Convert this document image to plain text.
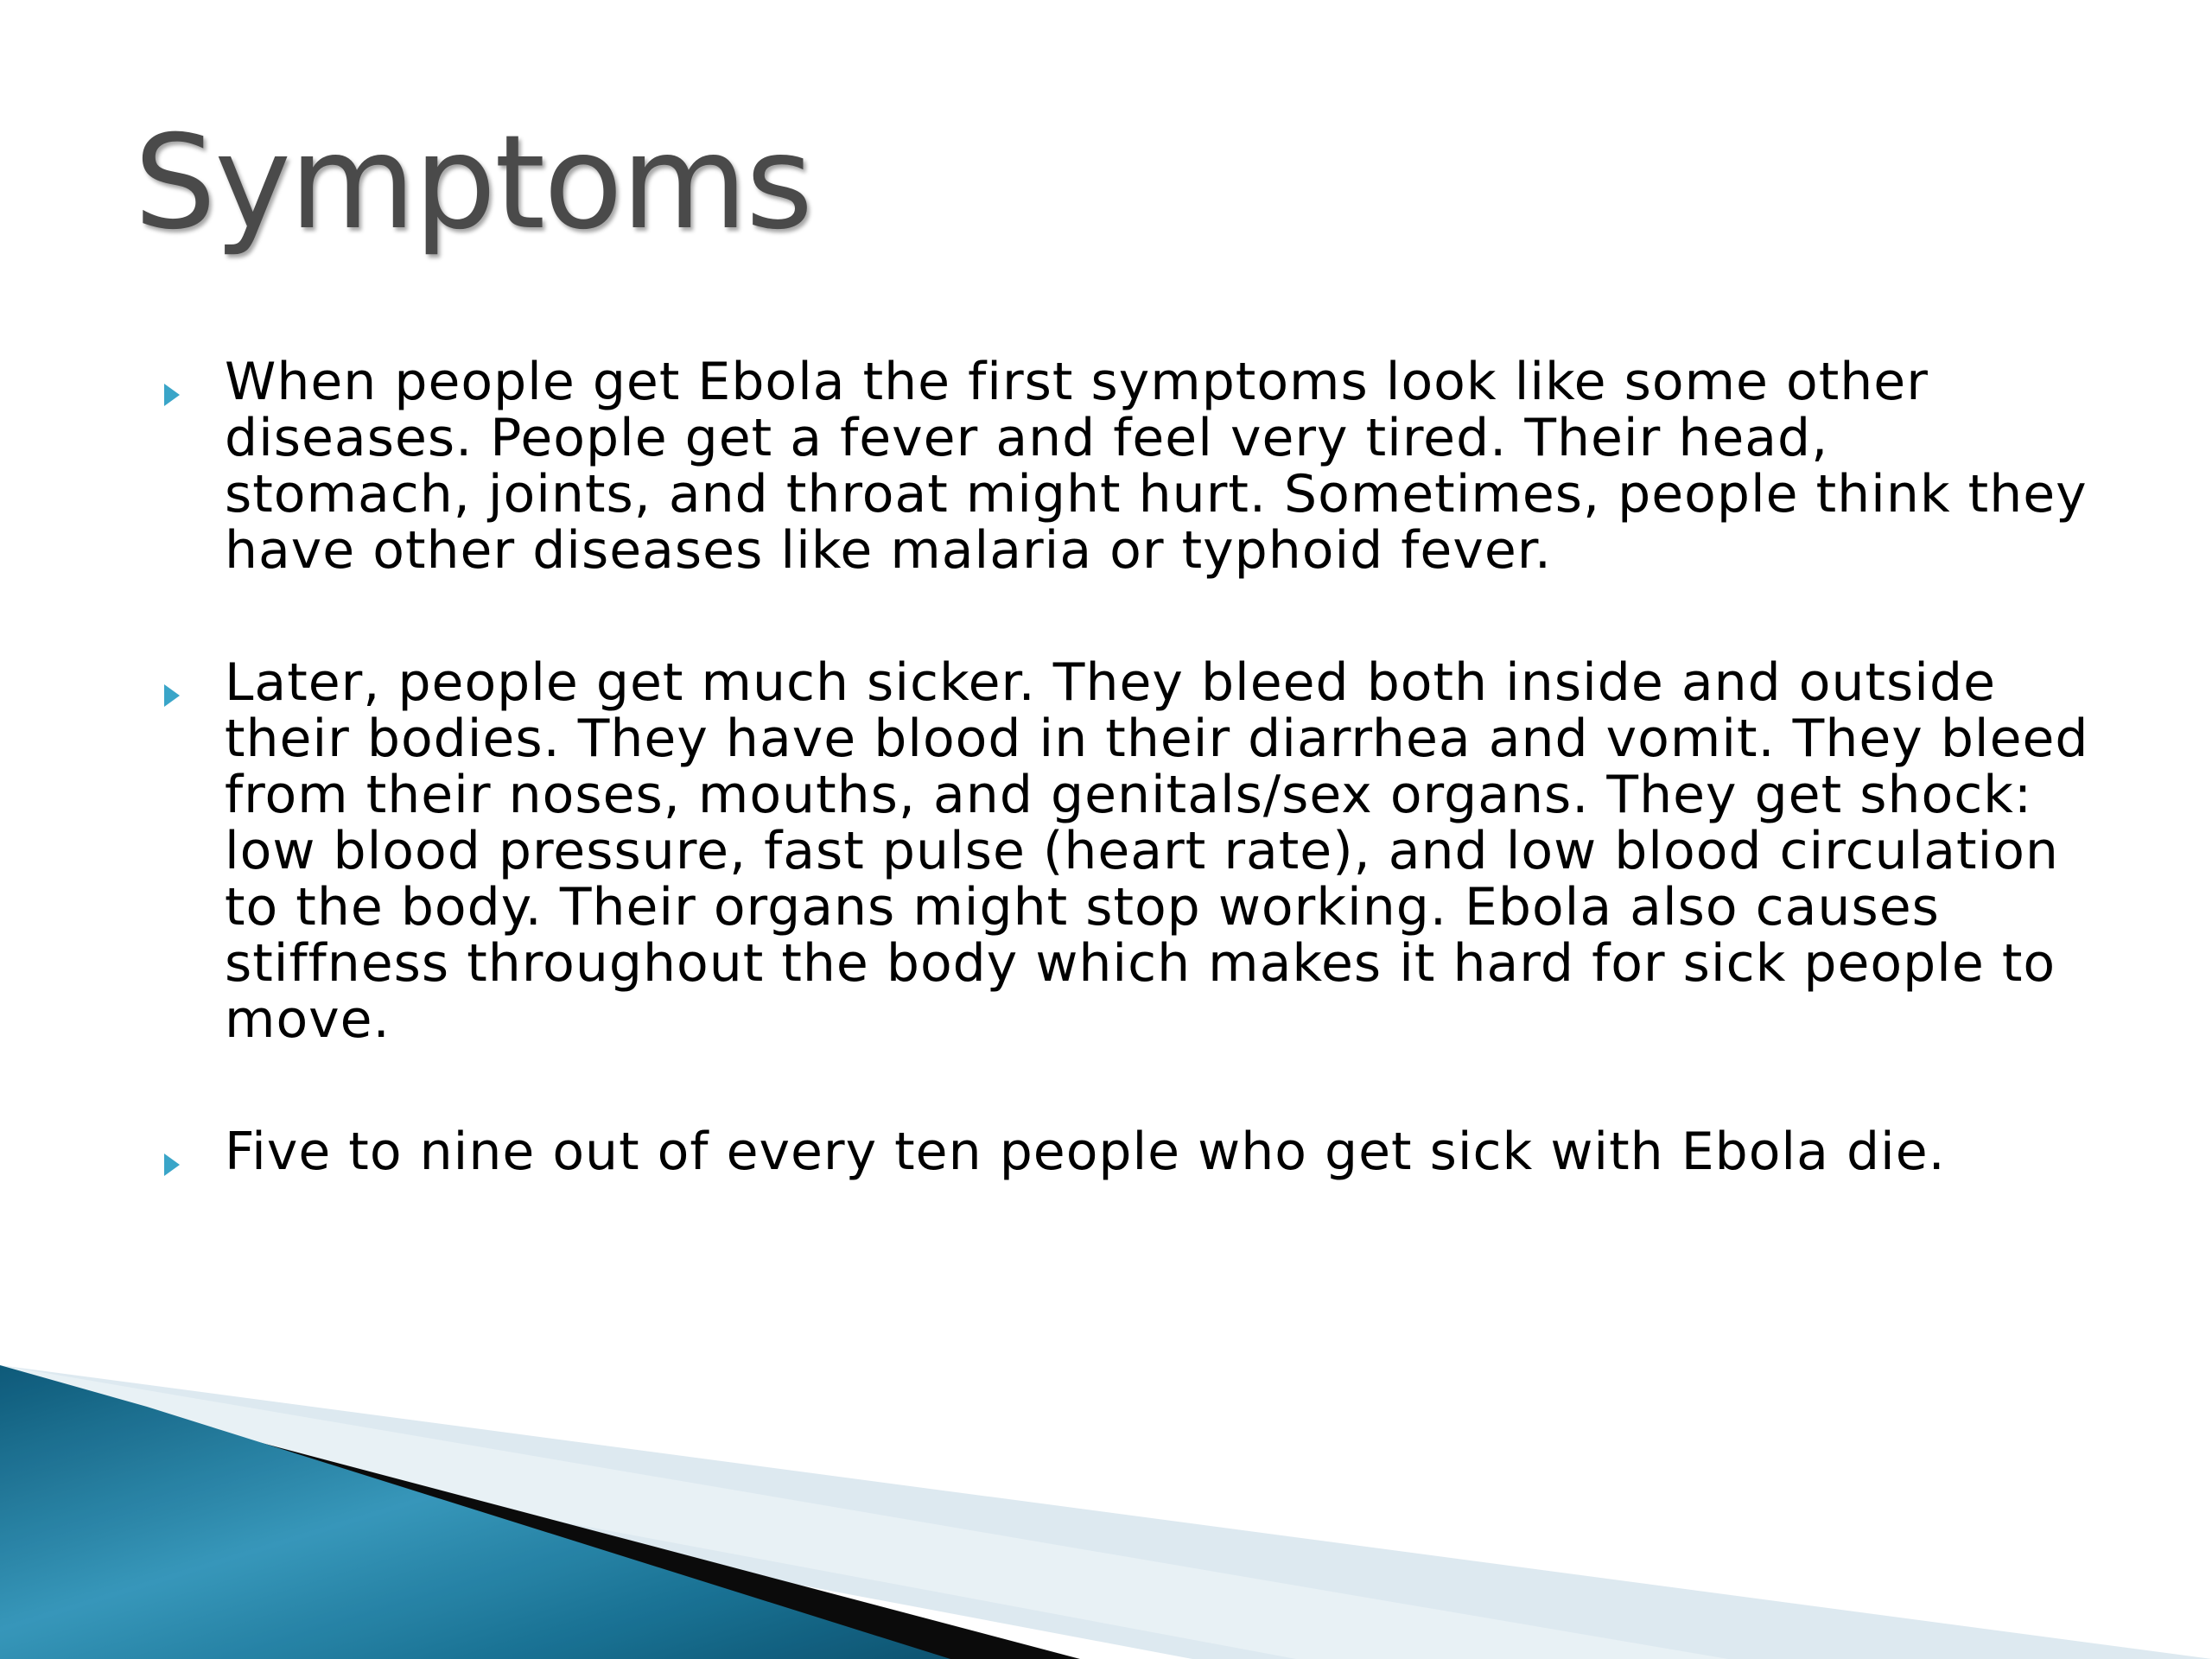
Symptoms
When people get Ebola the first symptoms look like some other diseases. People get a fever and feel very tired. Their head, stomach, joints, and throat might hurt. Sometimes, people think they have other diseases like malaria or typhoid fever.
Later, people get much sicker. They bleed both inside and outside their bodies. They have blood in their diarrhea and vomit. They bleed from their noses, mouths, and genitals/sex organs. They get shock: low blood pressure, fast pulse (heart rate), and low blood circulation to the body. Their organs might stop working. Ebola also causes stiffness throughout the body which makes it hard for sick people to move.
Five to nine out of every ten people who get sick with Ebola die.
